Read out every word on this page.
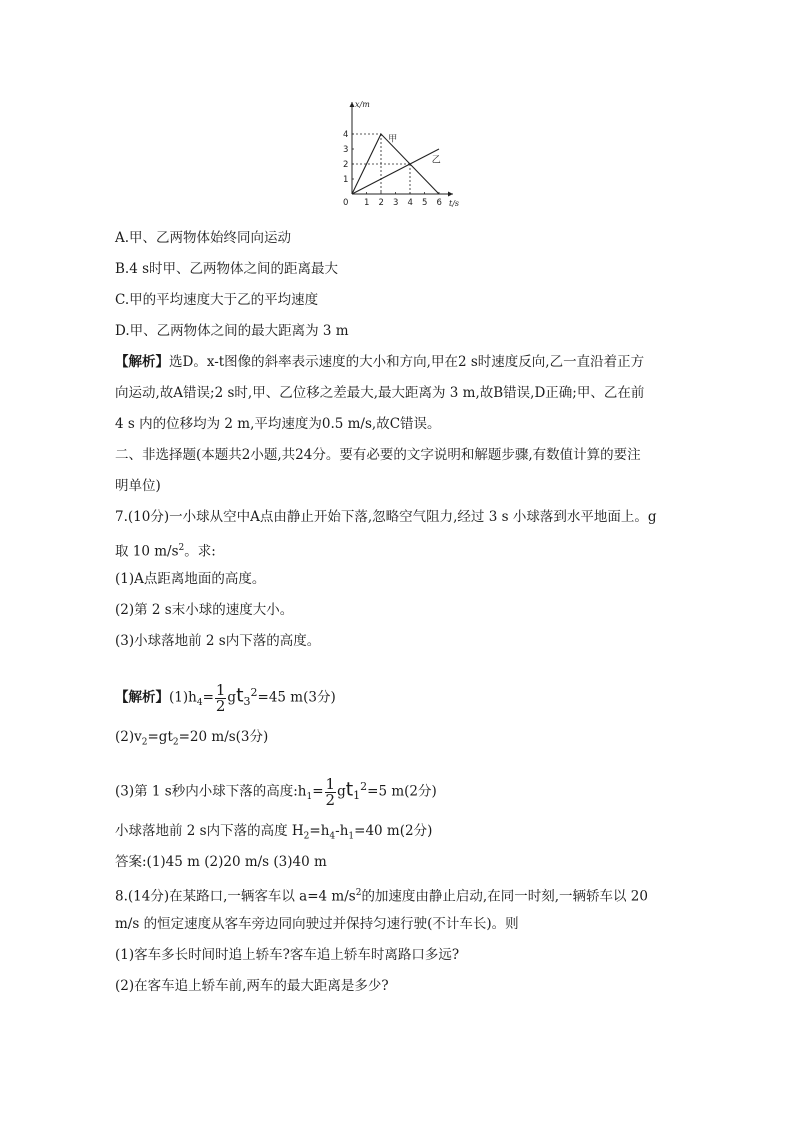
x/m
t/s
0 1 2 3 4 5 6
1
2
3
4	甲
乙
A.甲、乙两物体始终同向运动
B.4 s时甲、乙两物体之间的距离最大
C.甲的平均速度大于乙的平均速度
D.甲、乙两物体之间的最大距离为 3 m
【解析】选D。x-t图像的斜率表示速度的大小和方向,甲在2 s时速度反向,乙一直沿着正方
向运动,故A错误;2 s时,甲、乙位移之差最大,最大距离为 3 m,故B错误,D正确;甲、乙在前
4 s 内的位移均为 2 m,平均速度为0.5 m/s,故C错误。
二、非选择题(本题共2小题,共24分。要有必要的文字说明和解题步骤,有数值计算的要注
明单位)
7.(10分)一小球从空中A点由静止开始下落,忽略空气阻力,经过 3 s 小球落到水平地面上。g
取 10 $m/s^2$。求:
(1)A点距离地面的高度。
(2)第 2 s末小球的速度大小。
(3)小球落地前 2 s内下落的高度。
【解析】$(1)h_4= \frac{1}{2} gt_3^2=45$ m(3分)
$(2)v_2=gt_2=20$ m/s(3分)
(3)第 1 s秒内小球下落的高度$:h_1= \frac{1}{2} gt_1^2=5$ m(2分)
小球落地前 2 s内下落的高度 $H_2=h_4-h_1=40$ m(2分)
答案:(1)45 m (2)20 m/s (3)40 m
8.(14分)在某路口,一辆客车以 a=4 $m/s^2$的加速度由静止启动,在同一时刻,一辆轿车以 20
m/s 的恒定速度从客车旁边同向驶过并保持匀速行驶(不计车长)。则
(1)客车多长时间时追上轿车?客车追上轿车时离路口多远?
(2)在客车追上轿车前,两车的最大距离是多少?
